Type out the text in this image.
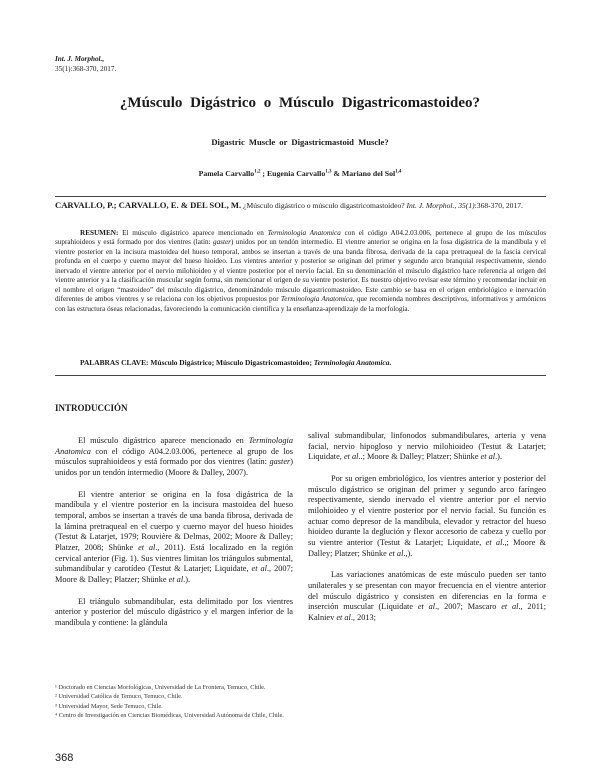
Int. J. Morphol.,
35(1):368-370, 2017.
¿Músculo Digástrico o Músculo Digastricomastoideo?
Digastric Muscle or Digastricmastoid Muscle?
Pamela Carvallo$^{1,2}$ ; Eugenia Carvallo$^{1,3}$ & Mariano del Sol$^{1,4}$
CARVALLO, P.; CARVALLO, E. & DEL SOL, M. ¿Músculo digástrico o músculo digastricomastoideo? Int. J. Morphol., 35(1):368-370, 2017.
RESUMEN: El músculo digástrico aparece mencionado en Terminologia Anatomica con el código A04.2.03.006, pertenece al grupo de los músculos suprahioideos y está formado por dos vientres (latín: gaster) unidos por un tendón intermedio. El vientre anterior se origina en la fosa digástrica de la mandíbula y el vientre posterior en la incisura mastoidea del hueso temporal, ambos se insertan a través de una banda fibrosa, derivada de la capa pretraqueal de la fascia cervical profunda en el cuerpo y cuerno mayor del hueso hioideo. Los vientres anterior y posterior se originan del primer y segundo arco branquial respectivamente, siendo inervado el vientre anterior por el nervio milohioideo y el vientre posterior por el nervio facial. En su denominación el músculo digástrico hace referencia al origen del vientre anterior y a la clasificación muscular según forma, sin mencionar el origen de su vientre posterior. Es nuestro objetivo revisar este término y recomendar incluir en el nombre el origen “mastoideo” del músculo digástrico, denominándolo músculo digastricomastoideo. Este cambio se basa en el origen embriológico e inervación diferentes de ambos vientres y se relaciona con los objetivos propuestos por Terminologia Anatomica, que recomienda nombres descriptivos, informativos y armónicos con las estructura óseas relacionadas, favoreciendo la comunicación científica y la enseñanza-aprendizaje de la morfología.
PALABRAS CLAVE: Músculo Digástrico; Músculo Digastricomastoideo; Terminología Anatomica.
INTRODUCCIÓN

El músculo digástrico aparece mencionado en Terminologia Anatomica con el código A04.2.03.006, pertenece al grupo de los músculos suprahioideos y está formado por dos vientres (latín: gaster) unidos por un tendón intermedio (Moore & Dalley, 2007).

El vientre anterior se origina en la fosa digástrica de la mandíbula y el vientre posterior en la incisura mastoidea del hueso temporal, ambos se insertan a través de una banda fibrosa, derivada de la lámina pretraqueal en el cuerpo y cuerno mayor del hueso hioides (Testut & Latarjet, 1979; Rouvière & Delmas, 2002; Moore & Dalley; Platzer, 2008; Shünke et al., 2011). Está localizado en la región cervical anterior (Fig. 1). Sus vientres limitan los triángulos submental, submandibular y carotídeo (Testut & Latarjet; Liquidate, et al., 2007; Moore & Dalley; Platzer; Shünke et al.).

El triángulo submandibular, esta delimitado por los vientres anterior y posterior del músculo digástrico y el margen inferior de la mandíbula y contiene: la glándula

salival submandibular, linfonodos submandibulares, arteria y vena facial, nervio hipogloso y nervio milohioideo (Testut & Latarjet; Liquidate, et al..; Moore & Dalley; Platzer; Shünke et al.).

Por su origen embriológico, los vientres anterior y posterior del músculo digástrico se originan del primer y segundo arco faríngeo respectivamente, siendo inervado el vientre anterior por el nervio milohioideo y el vientre posterior por el nervio facial. Su función es actuar como depresor de la mandíbula, elevador y retractor del hueso hioideo durante la deglución y flexor accesorio de cabeza y cuello por su vientre anterior (Testut & Latarjet; Liquidate, et al.,; Moore & Dalley; Platzer; Shünke et al.,).

Las variaciones anatómicas de este músculo pueden ser tanto unilaterales y se presentan con mayor frecuencia en el vientre anterior del músculo digástrico y consisten en diferencias en la forma e inserción muscular (Liquidate et al., 2007; Mascaro et al., 2011; Kalniev et al., 2013;

¹ Doctorado en Ciencias Morfológicas, Universidad de La Frontera, Temuco, Chile.
² Universidad Católica de Temuco, Temuco, Chile.
³ Universidad Mayor, Sede Temuco, Chile.
⁴ Centro de Investigación en Ciencias Biomédicas, Universidad Autónoma de Chile, Chile.
368
